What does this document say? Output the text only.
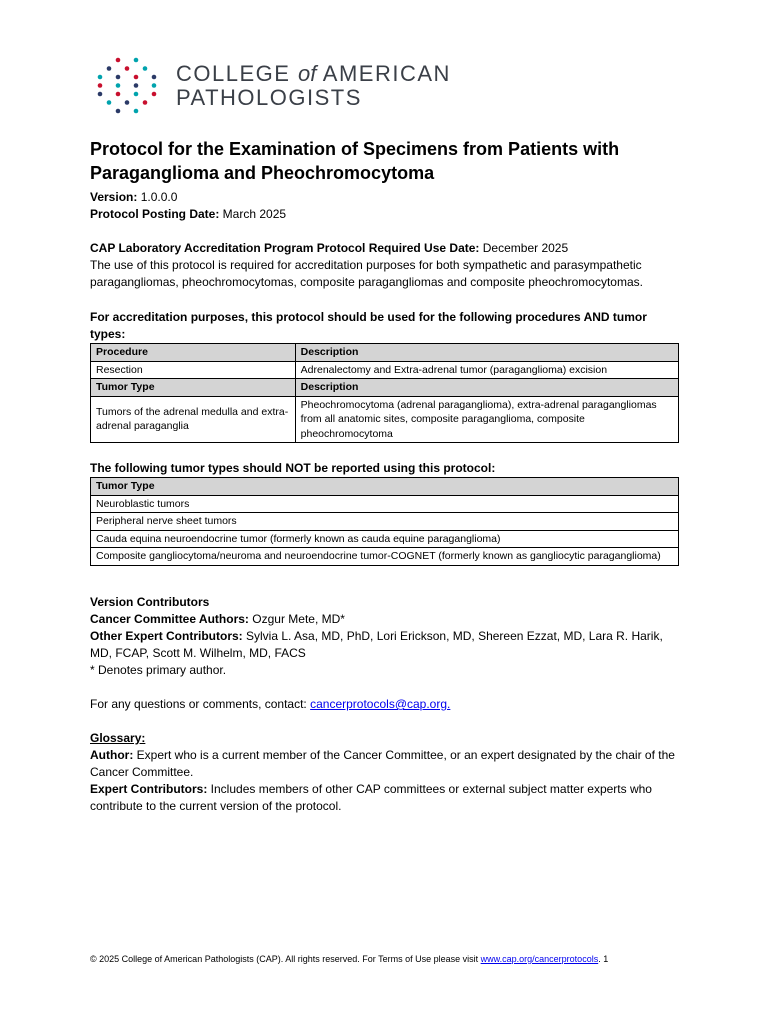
COLLEGE of AMERICAN
PATHOLOGISTS
Protocol for the Examination of Specimens from Patients with Paraganglioma and Pheochromocytoma
Version: 1.0.0.0
Protocol Posting Date: March 2025
CAP Laboratory Accreditation Program Protocol Required Use Date: December 2025
The use of this protocol is required for accreditation purposes for both sympathetic and parasympathetic paragangliomas, pheochromocytomas, composite paragangliomas and composite pheochromocytomas.
For accreditation purposes, this protocol should be used for the following procedures AND tumor types:
Procedure	Description
Resection	Adrenalectomy and Extra-adrenal tumor (paraganglioma) excision
Tumor Type	Description
Tumors of the adrenal medulla and extra-adrenal paraganglia	Pheochromocytoma (adrenal paraganglioma), extra-adrenal paragangliomas from all anatomic sites, composite paraganglioma, composite pheochromocytoma
The following tumor types should NOT be reported using this protocol:
Tumor Type
Neuroblastic tumors
Peripheral nerve sheet tumors
Cauda equina neuroendocrine tumor (formerly known as cauda equine paraganglioma)
Composite gangliocytoma/neuroma and neuroendocrine tumor-COGNET (formerly known as gangliocytic paraganglioma)
Version Contributors
Cancer Committee Authors: Ozgur Mete, MD*
Other Expert Contributors: Sylvia L. Asa, MD, PhD, Lori Erickson, MD, Shereen Ezzat, MD, Lara R. Harik, MD, FCAP, Scott M. Wilhelm, MD, FACS
* Denotes primary author.
For any questions or comments, contact: cancerprotocols@cap.org.
Glossary:
Author: Expert who is a current member of the Cancer Committee, or an expert designated by the chair of the Cancer Committee.
Expert Contributors: Includes members of other CAP committees or external subject matter experts who contribute to the current version of the protocol.
© 2025 College of American Pathologists (CAP). All rights reserved. For Terms of Use please visit www.cap.org/cancerprotocols. 1
